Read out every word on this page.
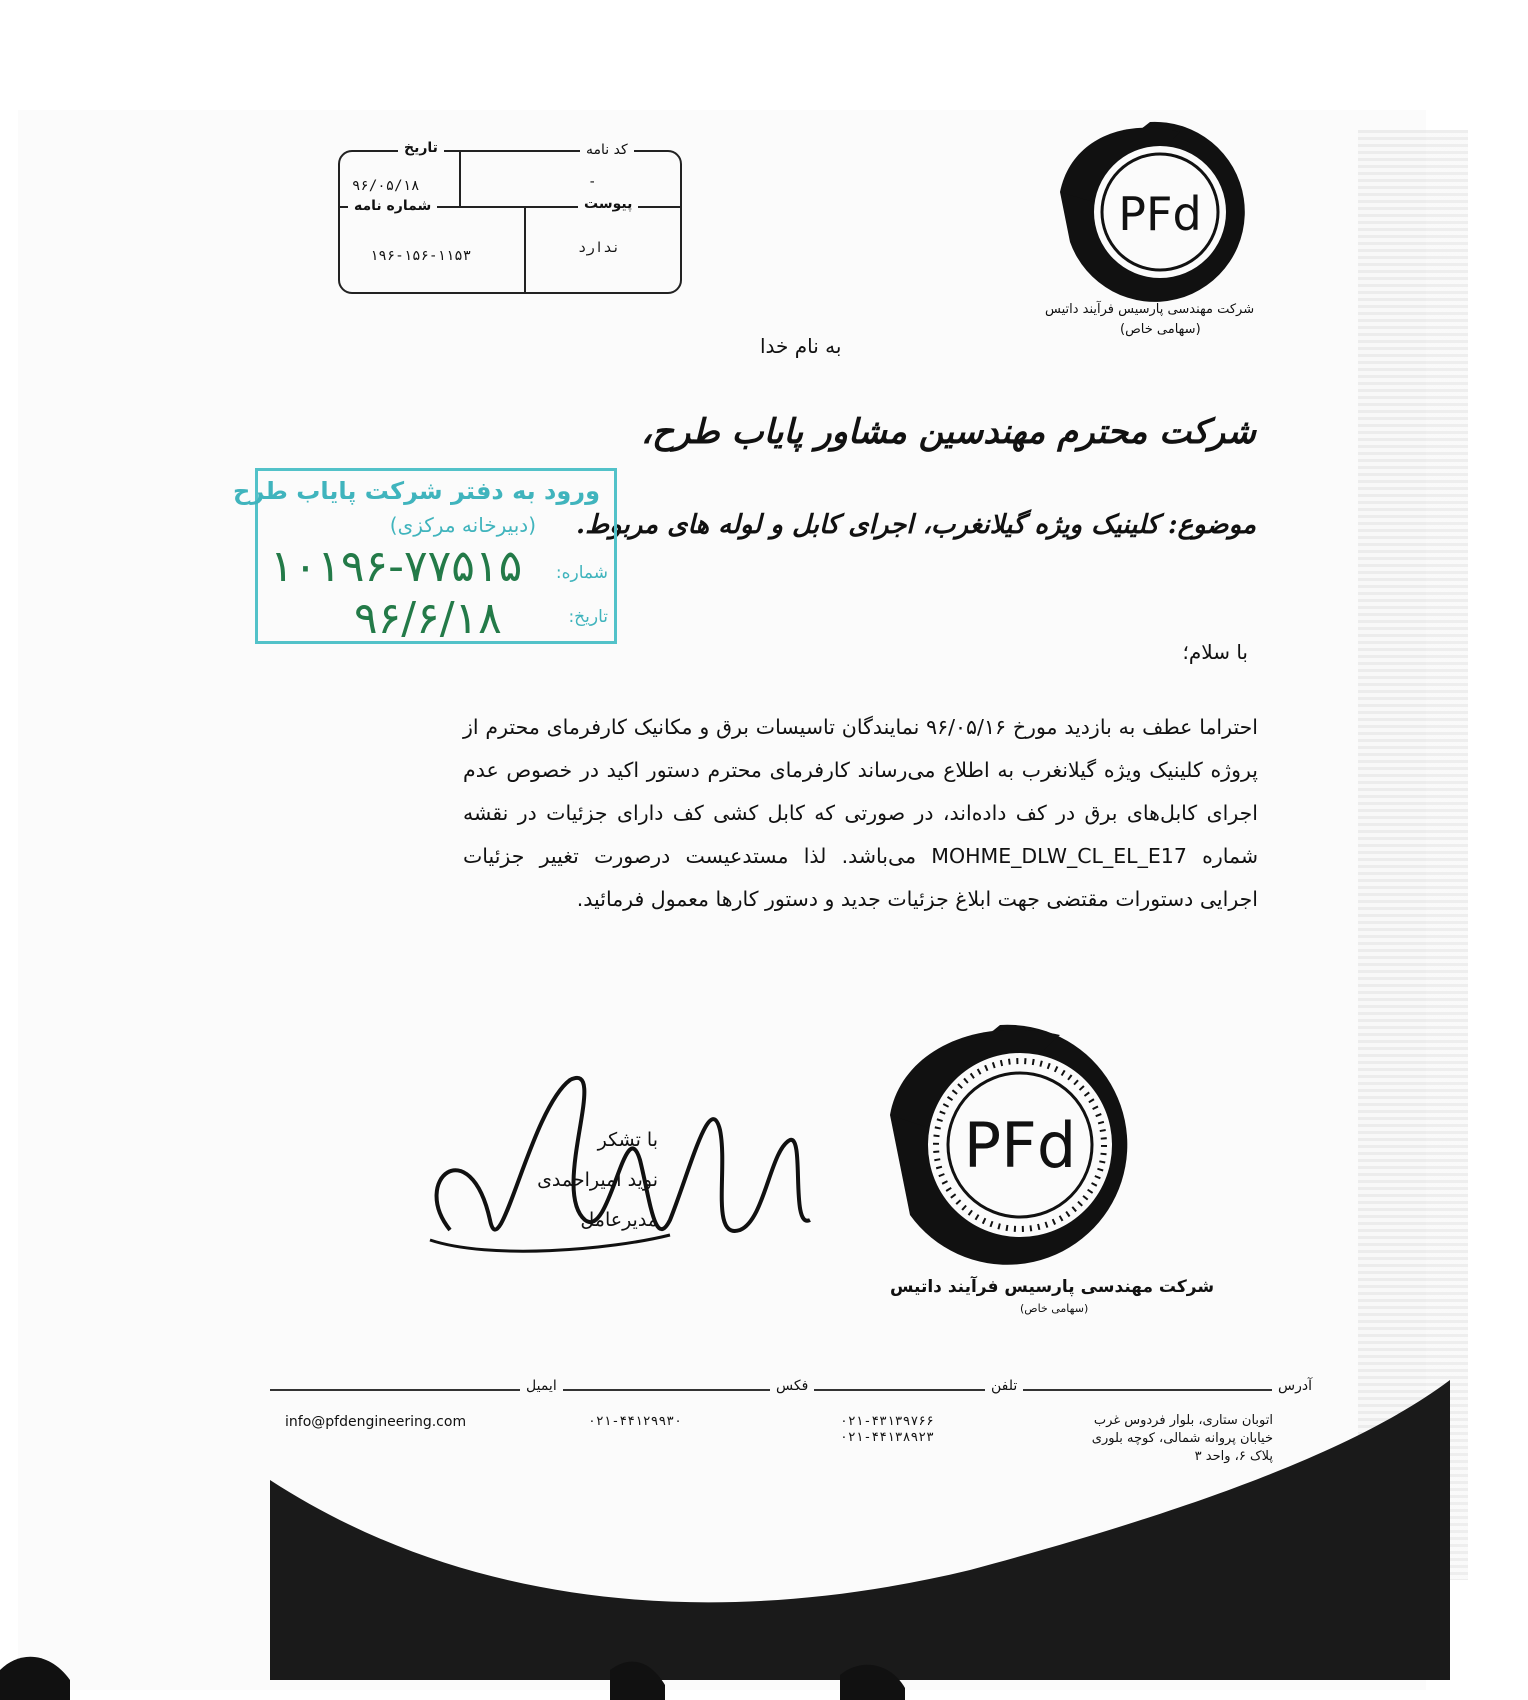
PFd
شرکت مهندسی پارسیس فرآیند داتیس
(سهامی خاص)
کد نامه
تاریخ
-
۹۶/۰۵/۱۸
پیوست
شماره نامه
ندارد
۱۹۶-۱۵۶-۱۱۵۳
به نام خدا
شرکت محترم مهندسین مشاور پایاب طرح،
موضوع: کلینیک ویژه گیلانغرب، اجرای کابل و لوله های مربوط.
ورود به دفتر شرکت پایاب طرح
(دبیرخانه مرکزی)
شماره:
تاریخ:
۱۰۱۹۶-۷۷۵۱۵
۹۶/۶/۱۸
با سلام؛
احتراما عطف به بازدید مورخ ۹۶/۰۵/۱۶ نمایندگان تاسیسات برق و مکانیک کارفرمای محترم از پروژه کلینیک ویژه گیلانغرب به اطلاع می‌رساند کارفرمای محترم دستور اکید در خصوص عدم اجرای کابل‌های برق در کف داده‌اند، در صورتی که کابل کشی کف دارای جزئیات در نقشه شماره MOHME_DLW_CL_EL_E17 می‌باشد. لذا مستدعیست درصورت تغییر جزئیات اجرایی دستورات مقتضی جهت ابلاغ جزئیات جدید و دستور کارها معمول فرمائید.
با تشکر
نوید امیراحمدی
مدیرعامل
PFd
شرکت مهندسی پارسیس فرآیند داتیس
(سهامی خاص)
آدرس
تلفن
فکس
ایمیل
اتوبان ستاری، بلوار فردوس غرب
خیابان پروانه شمالی، کوچه بلوری
پلاک ۶، واحد ۳
۰۲۱-۴۳۱۳۹۷۶۶
۰۲۱-۴۴۱۳۸۹۲۳
۰۲۱-۴۴۱۲۹۹۳۰
info@pfdengineering.com
